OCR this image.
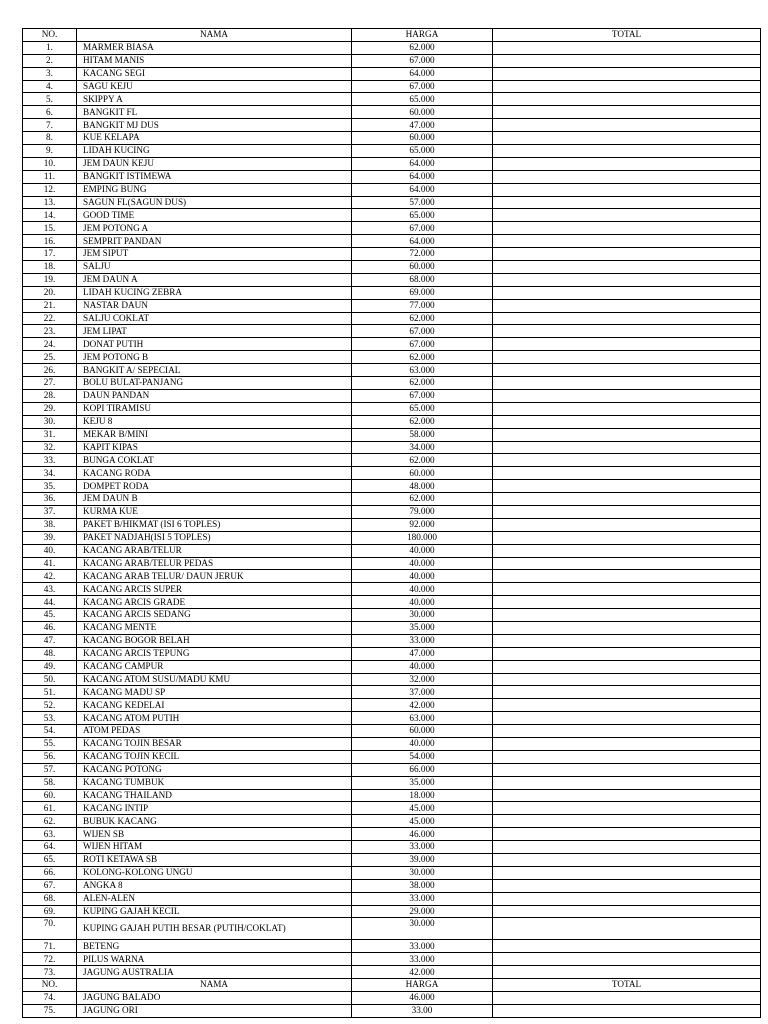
NO.	NAMA	HARGA	TOTAL
1.	MARMER BIASA	62.000	
2.	HITAM MANIS	67.000	
3.	KACANG SEGI	64.000	
4.	SAGU KEJU	67.000	
5.	SKIPPY A	65.000	
6.	BANGKIT FL	60.000	
7.	BANGKIT MJ DUS	47.000	
8.	KUE KELAPA	60.000	
9.	LIDAH KUCING	65.000	
10.	JEM DAUN KEJU	64.000	
11.	BANGKIT ISTIMEWA	64.000	
12.	EMPING BUNG	64.000	
13.	SAGUN FL(SAGUN DUS)	57.000	
14.	GOOD TIME	65.000	
15.	JEM POTONG A	67.000	
16.	SEMPRIT PANDAN	64.000	
17.	JEM SIPUT	72.000	
18.	SALJU	60.000	
19.	JEM DAUN A	68.000	
20.	LIDAH KUCING ZEBRA	69.000	
21.	NASTAR DAUN	77.000	
22.	SALJU COKLAT	62.000	
23.	JEM LIPAT	67.000	
24.	DONAT PUTIH	67.000	
25.	JEM POTONG B	62.000	
26.	BANGKIT A/ SEPECIAL	63.000	
27.	BOLU BULAT-PANJANG	62.000	
28.	DAUN PANDAN	67.000	
29.	KOPI TIRAMISU	65.000	
30.	KEJU 8	62.000	
31.	MEKAR B/MINI	58.000	
32.	KAPIT KIPAS	34.000	
33.	BUNGA COKLAT	62.000	
34.	KACANG RODA	60.000	
35.	DOMPET RODA	48.000	
36.	JEM DAUN B	62.000	
37.	KURMA KUE	79.000	
38.	PAKET B/HIKMAT (ISI 6 TOPLES)	92.000	
39.	PAKET NADJAH(ISI 5 TOPLES)	180.000	
40.	KACANG ARAB/TELUR	40.000	
41.	KACANG ARAB/TELUR PEDAS	40.000	
42.	KACANG ARAB TELUR/ DAUN JERUK	40.000	
43.	KACANG ARCIS SUPER	40.000	
44.	KACANG ARCIS GRADE	40.000	
45.	KACANG ARCIS SEDANG	30.000	
46.	KACANG MENTE	35.000	
47.	KACANG BOGOR BELAH	33.000	
48.	KACANG ARCIS TEPUNG	47.000	
49.	KACANG CAMPUR	40.000	
50.	KACANG ATOM SUSU/MADU KMU	32.000	
51.	KACANG MADU SP	37.000	
52.	KACANG KEDELAI	42.000	
53.	KACANG ATOM PUTIH	63.000	
54.	ATOM PEDAS	60.000	
55.	KACANG TOJIN BESAR	40.000	
56.	KACANG TOJIN KECIL	54.000	
57.	KACANG POTONG	66.000	
58.	KACANG TUMBUK	35.000	
60.	KACANG THAILAND	18.000	
61.	KACANG INTIP	45.000	
62.	BUBUK KACANG	45.000	
63.	WIJEN SB	46.000	
64.	WIJEN HITAM	33.000	
65.	ROTI KETAWA SB	39.000	
66.	KOLONG-KOLONG UNGU	30.000	
67.	ANGKA 8	38.000	
68.	ALEN-ALEN	33.000	
69.	KUPING GAJAH KECIL	29.000	
70.	KUPING GAJAH PUTIH BESAR (PUTIH/COKLAT)	30.000	
71.	BETENG	33.000	
72.	PILUS WARNA	33.000	
73.	JAGUNG AUSTRALIA	42.000	
NO.	NAMA	HARGA	TOTAL
74.	JAGUNG BALADO	46.000	
75.	JAGUNG ORI	33.00	
